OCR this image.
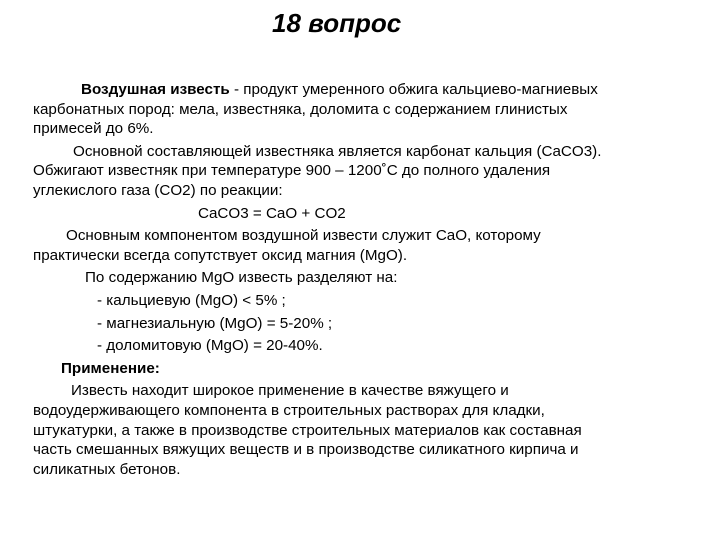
18 вопрос

Воздушная известь - продукт умеренного обжига кальциево-магниевых

карбонатных пород: мела, известняка, доломита с содержанием глинистых

примесей до 6%.

Основной составляющей известняка является карбонат кальция (CaCO3).

Обжигают известняк при температуре 900 – 1200˚С до полного удаления

углекислого газа (CO2) по реакции:

CaCO3 = CaO + CO2

Основным компонентом воздушной извести служит CaO, которому

практически всегда сопутствует оксид магния (MgO).

По содержанию MgO известь разделяют на:

- кальциевую (MgO) < 5% ;

- магнезиальную (MgO) = 5-20% ;

- доломитовую (MgO) = 20-40%.

Применение:

Известь находит широкое применение в качестве вяжущего и

водоудерживающего компонента в строительных растворах для кладки,

штукатурки, а также в производстве строительных материалов как составная

часть смешанных вяжущих веществ и в производстве силикатного кирпича и

силикатных бетонов.
